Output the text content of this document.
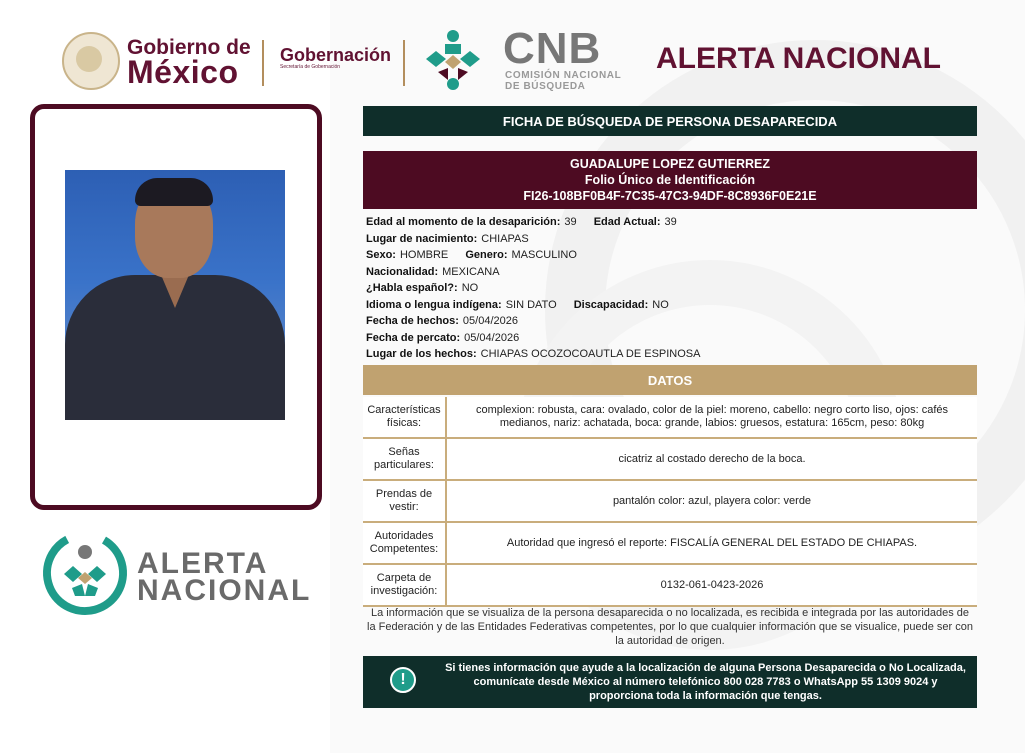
Gobierno de
México Gobernación
Secretaría de Gobernación	CNB
COMISIÓN NACIONAL
DE BÚSQUEDA
ALERTA NACIONAL
ALERTA
NACIONAL
FICHA DE BÚSQUEDA DE PERSONA DESAPARECIDA
GUADALUPE LOPEZ GUTIERREZ
Folio Único de Identificación
FI26-108BF0B4F-7C35-47C3-94DF-8C8936F0E21E
Edad al momento de la desaparición: 39 Edad Actual: 39
Lugar de nacimiento: CHIAPAS
Sexo: HOMBRE Genero: MASCULINO
Nacionalidad: MEXICANA
¿Habla español?: NO
Idioma o lengua indígena: SIN DATO Discapacidad: NO
Fecha de hechos: 05/04/2026
Fecha de percato: 05/04/2026
Lugar de los hechos: CHIAPAS OCOZOCOAUTLA DE ESPINOSA
DATOS
Características físicas:
complexion: robusta, cara: ovalado, color de la piel: moreno, cabello: negro corto liso, ojos: cafés medianos, nariz: achatada, boca: grande, labios: gruesos, estatura: 165cm, peso: 80kg
Señas particulares:
cicatriz al costado derecho de la boca.
Prendas de vestir:
pantalón color: azul, playera color: verde
Autoridades Competentes:
Autoridad que ingresó el reporte: FISCALÍA GENERAL DEL ESTADO DE CHIAPAS.
Carpeta de investigación:
0132-061-0423-2026
La información que se visualiza de la persona desaparecida o no localizada, es recibida e integrada por las autoridades de la Federación y de las Entidades Federativas competentes, por lo que cualquier información que se visualice, puede ser con la autoridad de origen.
!
Si tienes información que ayude a la localización de alguna Persona Desaparecida o No Localizada, comunícate desde México al número telefónico 800 028 7783 o WhatsApp 55 1309 9024 y proporciona toda la información que tengas.
